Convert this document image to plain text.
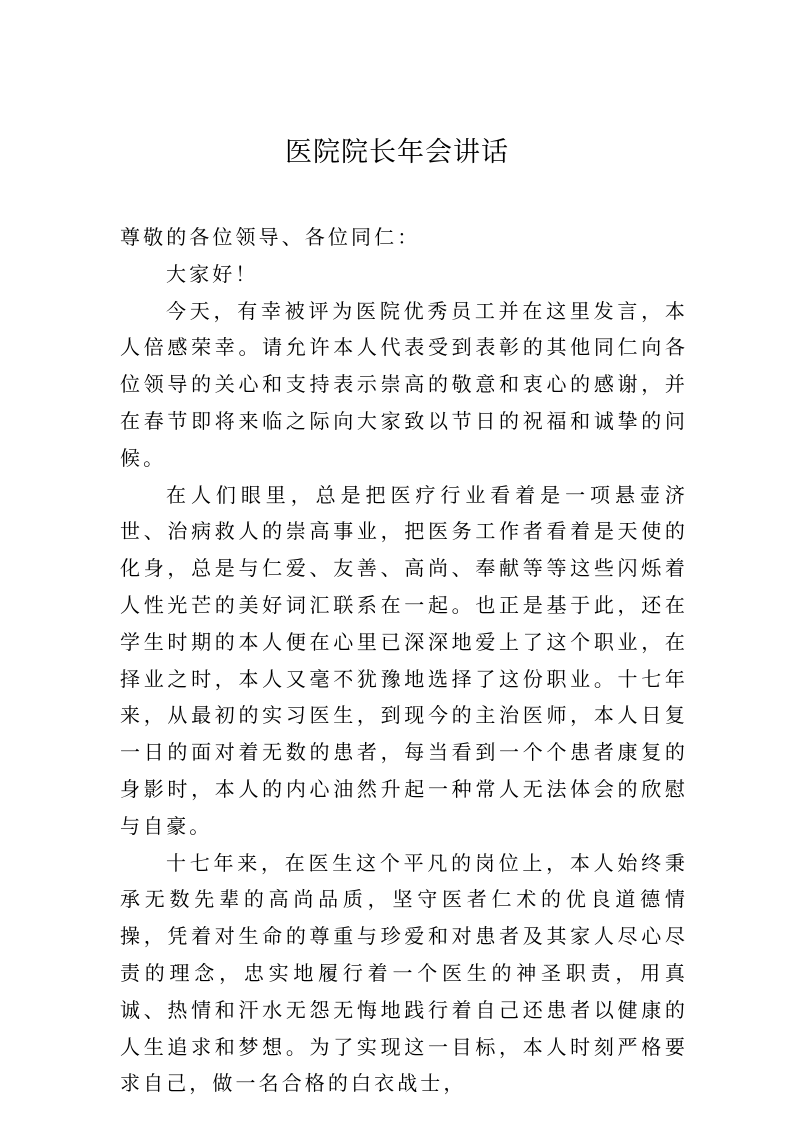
医院院长年会讲话

尊敬的各位领导、各位同仁：

大家好！

今天，有幸被评为医院优秀员工并在这里发言，本人倍感荣幸。请允许本人代表受到表彰的其他同仁向各位领导的关心和支持表示崇高的敬意和衷心的感谢，并在春节即将来临之际向大家致以节日的祝福和诚挚的问候。

在人们眼里，总是把医疗行业看着是一项悬壶济世、治病救人的崇高事业，把医务工作者看着是天使的化身，总是与仁爱、友善、高尚、奉献等等这些闪烁着人性光芒的美好词汇联系在一起。也正是基于此，还在学生时期的本人便在心里已深深地爱上了这个职业，在择业之时，本人又毫不犹豫地选择了这份职业。十七年来，从最初的实习医生，到现今的主治医师，本人日复一日的面对着无数的患者，每当看到一个个患者康复的身影时，本人的内心油然升起一种常人无法体会的欣慰与自豪。

十七年来，在医生这个平凡的岗位上，本人始终秉承无数先辈的高尚品质，坚守医者仁术的优良道德情操，凭着对生命的尊重与珍爱和对患者及其家人尽心尽责的理念，忠实地履行着一个医生的神圣职责，用真诚、热情和汗水无怨无悔地践行着自己还患者以健康的人生追求和梦想。为了实现这一目标，本人时刻严格要求自己，做一名合格的白衣战士，
